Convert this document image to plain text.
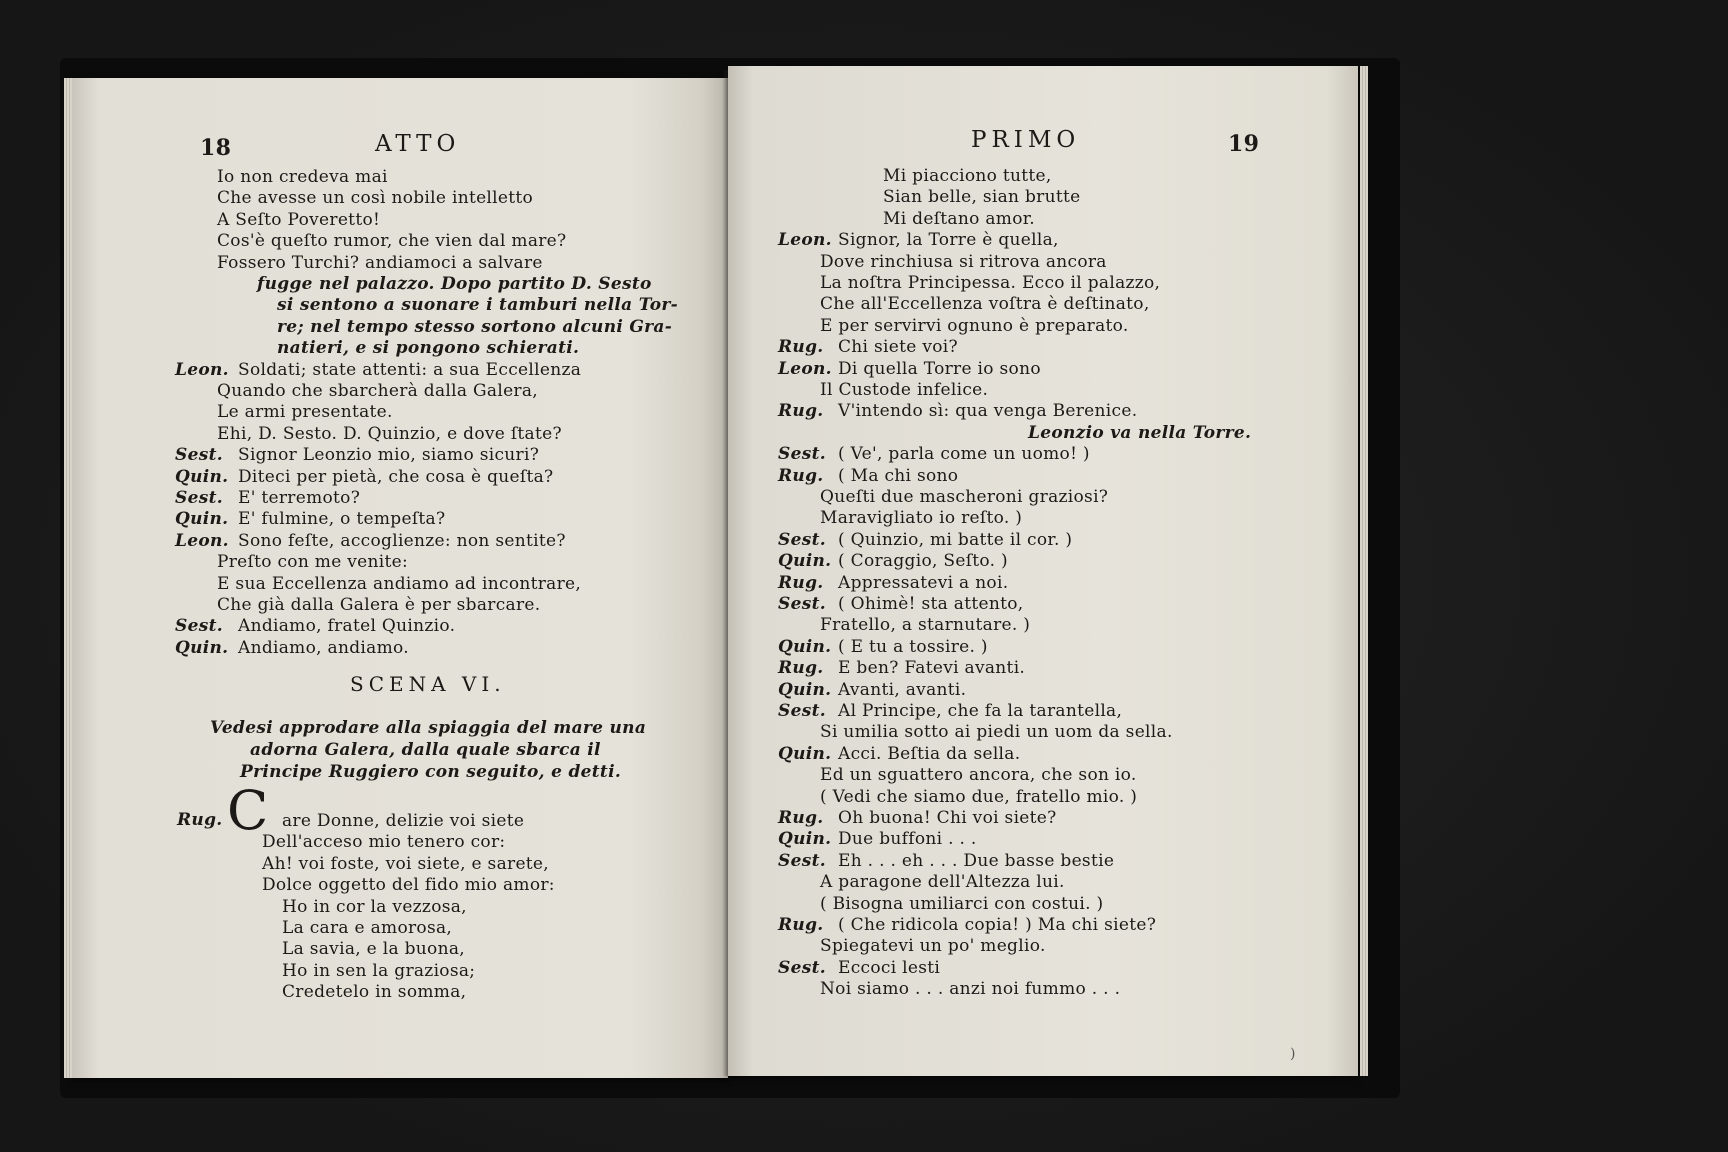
18	ATTO
Io non credeva mai
Che avesse un così nobile intelletto
A Seſto Poveretto!
Cos'è queſto rumor, che vien dal mare?
Fossero Turchi? andiamoci a salvare
fugge nel palazzo. Dopo partito D. Sesto
si sentono a suonare i tamburi nella Tor-
re; nel tempo stesso sortono alcuni Gra-
natieri, e si pongono schierati.
Leon. Soldati; state attenti: a sua Eccellenza
Quando che sbarcherà dalla Galera,
Le armi presentate.
Ehi, D. Sesto. D. Quinzio, e dove ſtate?
Sest. Signor Leonzio mio, siamo sicuri?
Quin. Diteci per pietà, che cosa è queſta?
Sest. E' terremoto?
Quin. E' fulmine, o tempeſta?
Leon. Sono feſte, accoglienze: non sentite?
Preſto con me venite:
E sua Eccellenza andiamo ad incontrare,
Che già dalla Galera è per sbarcare.
Sest. Andiamo, fratel Quinzio.
Quin. Andiamo, andiamo.
SCENA VI.
Vedesi approdare alla spiaggia del mare una
adorna Galera, dalla quale sbarca il
Principe Ruggiero con seguito, e detti.
Rug. C are Donne, delizie voi siete
Dell'acceso mio tenero cor:
Ah! voi foste, voi siete, e sarete,
Dolce oggetto del fido mio amor:
Ho in cor la vezzosa,
La cara e amorosa,
La savia, e la buona,
Ho in sen la graziosa;
Credetelo in somma,
PRIMO	19
Mi piacciono tutte,
Sian belle, sian brutte
Mi deſtano amor.
Leon. Signor, la Torre è quella,
Dove rinchiusa si ritrova ancora
La noſtra Principessa. Ecco il palazzo,
Che all'Eccellenza voſtra è deſtinato,
E per servirvi ognuno è preparato.
Rug. Chi siete voi?
Leon. Di quella Torre io sono
Il Custode infelice.
Rug. V'intendo sì: qua venga Berenice.
Leonzio va nella Torre.
Sest. ( Ve', parla come un uomo! )
Rug. ( Ma chi sono
Queſti due mascheroni graziosi?
Maravigliato io reſto. )
Sest. ( Quinzio, mi batte il cor. )
Quin. ( Coraggio, Seſto. )
Rug. Appressatevi a noi.
Sest. ( Ohimè! sta attento,
Fratello, a starnutare. )
Quin. ( E tu a tossire. )
Rug. E ben? Fatevi avanti.
Quin. Avanti, avanti.
Sest. Al Principe, che fa la tarantella,
Si umilia sotto ai piedi un uom da sella.
Quin. Acci. Beſtia da sella.
Ed un sguattero ancora, che son io.
( Vedi che siamo due, fratello mio. )
Rug. Oh buona! Chi voi siete?
Quin. Due buffoni . . .
Sest. Eh . . . eh . . . Due basse bestie
A paragone dell'Altezza lui.
( Bisogna umiliarci con costui. )
Rug. ( Che ridicola copia! ) Ma chi siete?
Spiegatevi un po' meglio.
Sest. Eccoci lesti
Noi siamo . . . anzi noi fummo . . .
)
